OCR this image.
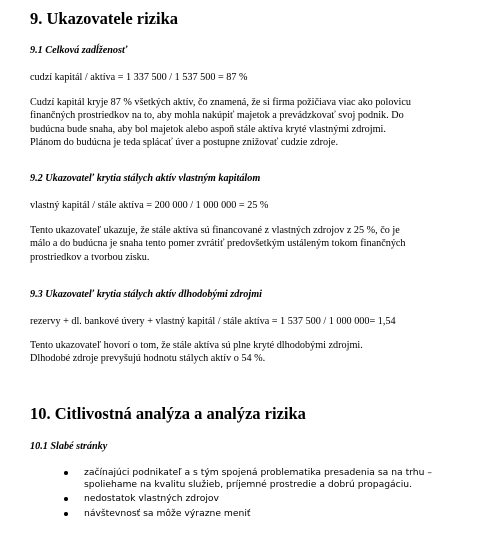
9. Ukazovatele rizika
9.1 Celková zadĺženosť
cudzí kapitál / aktíva = 1 337 500 / 1 537 500 = 87 %
Cudzí kapitál kryje 87 % všetkých aktív, čo znamená, že si firma požičiava viac ako polovicu
finančných prostriedkov na to, aby mohla nakúpiť majetok a prevádzkovať svoj podnik. Do
budúcna bude snaha, aby bol majetok alebo aspoň stále aktíva kryté vlastnými zdrojmi.
Plánom do budúcna je teda splácať úver a postupne znižovať cudzie zdroje.
9.2 Ukazovateľ krytia stálych aktív vlastným kapitálom
vlastný kapitál / stále aktíva = 200 000 / 1 000 000 = 25 %
Tento ukazovateľ ukazuje, že stále aktíva sú financované z vlastných zdrojov z 25 %, čo je
málo a do budúcna je snaha tento pomer zvrátiť predovšetkým ustáleným tokom finančných
prostriedkov a tvorbou zisku.
9.3 Ukazovateľ krytia stálych aktív dlhodobými zdrojmi
rezervy + dl. bankové úvery + vlastný kapitál / stále aktíva = 1 537 500 / 1 000 000= 1,54
Tento ukazovateľ hovorí o tom, že stále aktíva sú plne kryté dlhodobými zdrojmi.
Dlhodobé zdroje prevyšujú hodnotu stálych aktív o 54 %.
10. Citlivostná analýza a analýza rizika
10.1 Slabé stránky
začínajúci podnikateľ a s tým spojená problematika presadenia sa na trhu –
spoliehame na kvalitu služieb, príjemné prostredie a dobrú propagáciu.
nedostatok vlastných zdrojov
návštevnosť sa môže výrazne meniť
